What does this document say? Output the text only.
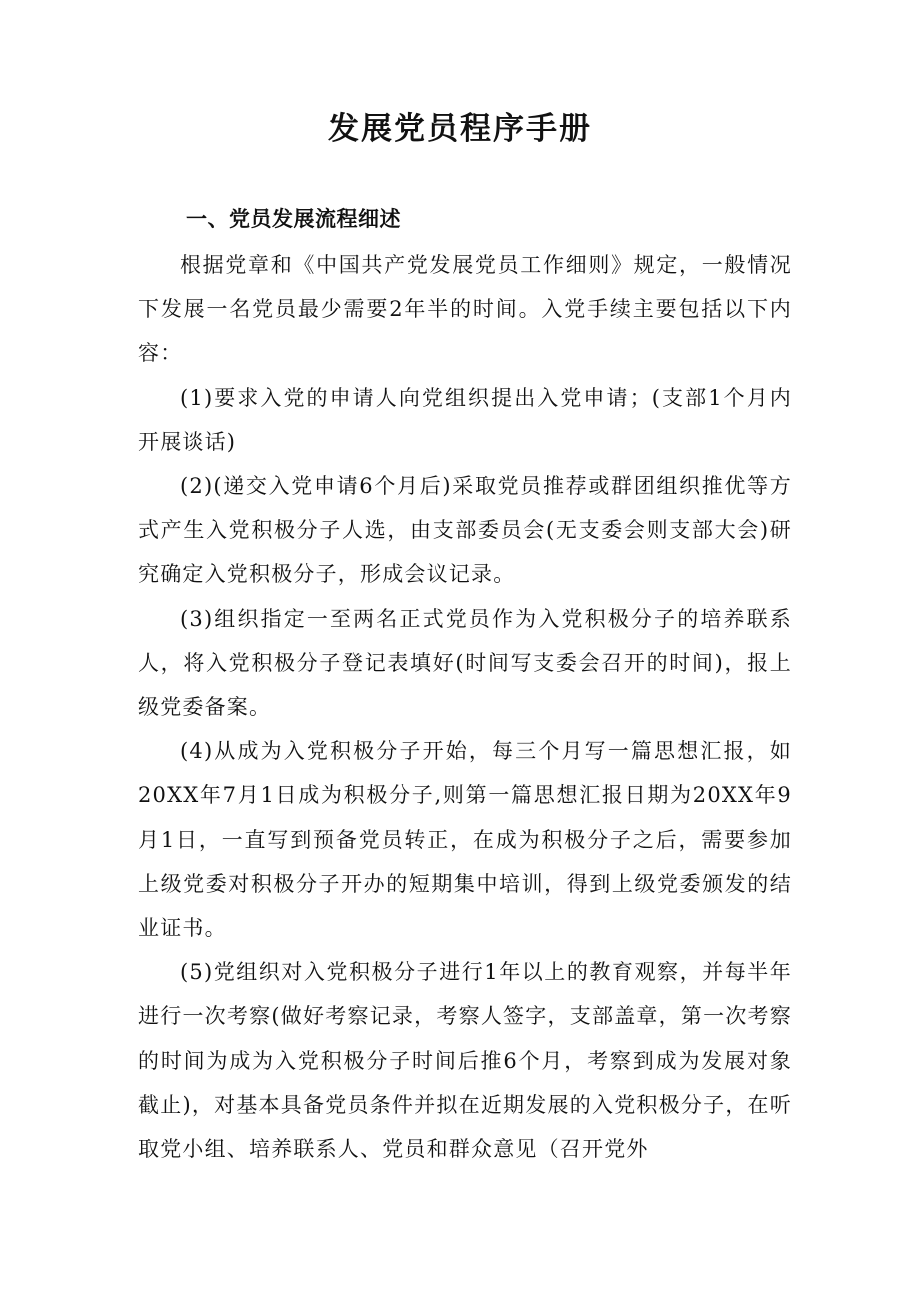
发展党员程序手册
一、党员发展流程细述

根据党章和《中国共产党发展党员工作细则》规定，一般情况下发展一名党员最少需要2年半的时间。入党手续主要包括以下内容：

(1)要求入党的申请人向党组织提出入党申请；(支部1个月内开展谈话)

(2)(递交入党申请6个月后)采取党员推荐或群团组织推优等方式产生入党积极分子人选，由支部委员会(无支委会则支部大会)研究确定入党积极分子，形成会议记录。

(3)组织指定一至两名正式党员作为入党积极分子的培养联系人，将入党积极分子登记表填好(时间写支委会召开的时间)，报上级党委备案。

(4)从成为入党积极分子开始，每三个月写一篇思想汇报，如20XX年7月1日成为积极分子,则第一篇思想汇报日期为20XX年9月1日，一直写到预备党员转正，在成为积极分子之后，需要参加上级党委对积极分子开办的短期集中培训，得到上级党委颁发的结业证书。

(5)党组织对入党积极分子进行1年以上的教育观察，并每半年进行一次考察(做好考察记录，考察人签字，支部盖章，第一次考察的时间为成为入党积极分子时间后推6个月，考察到成为发展对象截止)，对基本具备党员条件并拟在近期发展的入党积极分子，在听取党小组、培养联系人、党员和群众意见（召开党外
